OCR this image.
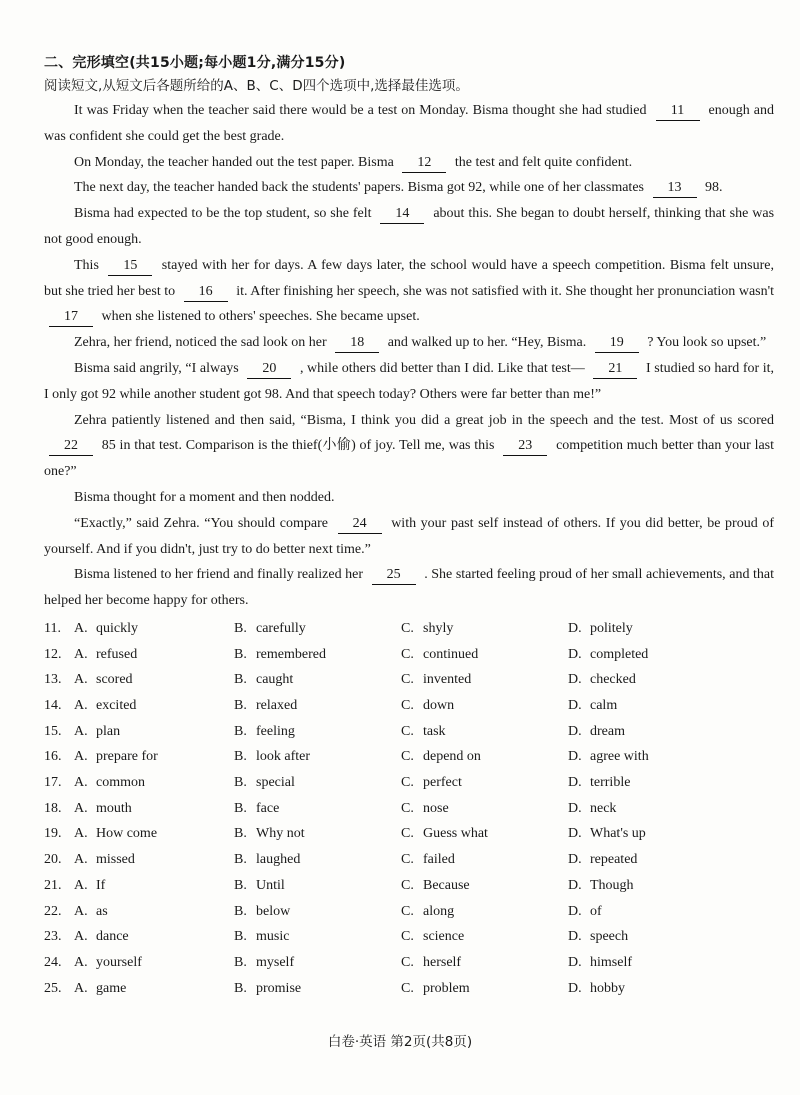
二、完形填空(共15小题;每小题1分,满分15分)
阅读短文,从短文后各题所给的A、B、C、D四个选项中,选择最佳选项。

It was Friday when the teacher said there would be a test on Monday. Bisma thought she had studied 11 enough and was confident she could get the best grade.

On Monday, the teacher handed out the test paper. Bisma 12 the test and felt quite confident.

The next day, the teacher handed back the students' papers. Bisma got 92, while one of her classmates 13 98.

Bisma had expected to be the top student, so she felt 14 about this. She began to doubt herself, thinking that she was not good enough.

This 15 stayed with her for days. A few days later, the school would have a speech competition. Bisma felt unsure, but she tried her best to 16 it. After finishing her speech, she was not satisfied with it. She thought her pronunciation wasn't 17 when she listened to others' speeches. She became upset.

Zehra, her friend, noticed the sad look on her 18 and walked up to her. “Hey, Bisma. 19 ? You look so upset.”

Bisma said angrily, “I always 20 , while others did better than I did. Like that test— 21 I studied so hard for it, I only got 92 while another student got 98. And that speech today? Others were far better than me!”

Zehra patiently listened and then said, “Bisma, I think you did a great job in the speech and the test. Most of us scored 22 85 in that test. Comparison is the thief(小偷) of joy. Tell me, was this 23 competition much better than your last one?”

Bisma thought for a moment and then nodded.

“Exactly,” said Zehra. “You should compare 24 with your past self instead of others. If you did better, be proud of yourself. And if you didn't, just try to do better next time.”

Bisma listened to her friend and finally realized her 25 . She started feeling proud of her small achievements, and that helped her become happy for others.

11. A. quickly	B. carefully	C. shyly	D. politely
12. A. refused	B. remembered	C. continued	D. completed
13. A. scored	B. caught	C. invented	D. checked
14. A. excited	B. relaxed	C. down	D. calm
15. A. plan	B. feeling	C. task	D. dream
16. A. prepare for	B. look after	C. depend on	D. agree with
17. A. common	B. special	C. perfect	D. terrible
18. A. mouth	B. face	C. nose	D. neck
19. A. How come	B. Why not	C. Guess what	D. What's up
20. A. missed	B. laughed	C. failed	D. repeated
21. A. If	B. Until	C. Because	D. Though
22. A. as	B. below	C. along	D. of
23. A. dance	B. music	C. science	D. speech
24. A. yourself	B. myself	C. herself	D. himself
25. A. game	B. promise	C. problem	D. hobby
白卷·英语 第2页(共8页)
